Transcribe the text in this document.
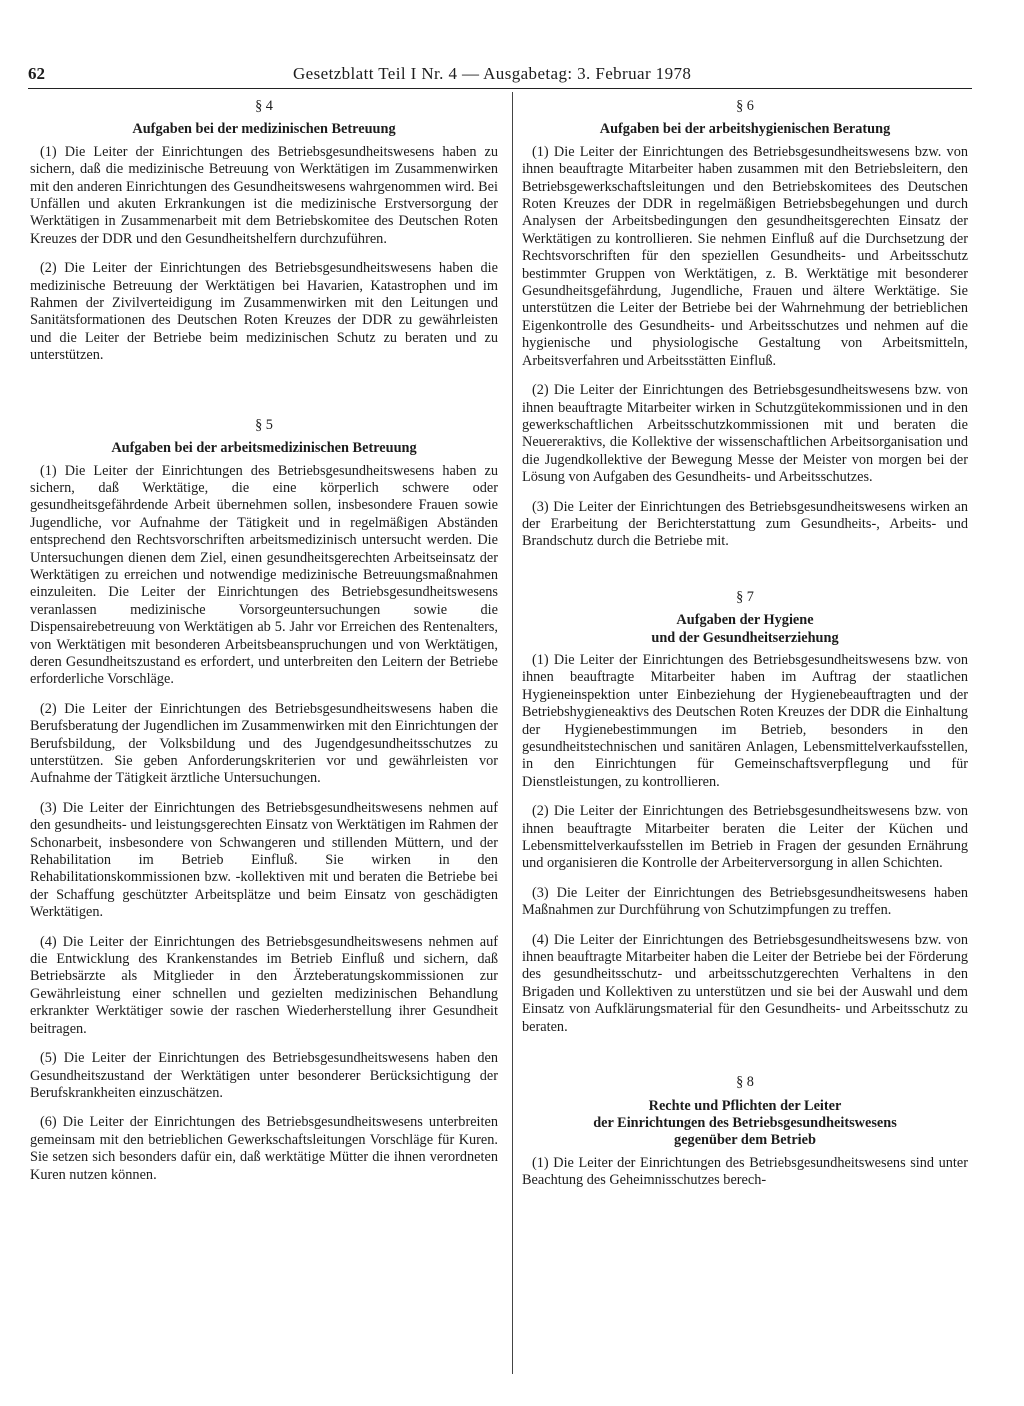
62	Gesetzblatt Teil I Nr. 4 — Ausgabetag: 3. Februar 1978

§ 4

Aufgaben bei der medizinischen Betreuung

(1) Die Leiter der Einrichtungen des Betriebsgesundheitswesens haben zu sichern, daß die medizinische Betreuung von Werktätigen im Zusammenwirken mit den anderen Einrichtungen des Gesundheitswesens wahrgenommen wird. Bei Unfällen und akuten Erkrankungen ist die medizinische Erstversorgung der Werktätigen in Zusammenarbeit mit dem Betriebskomitee des Deutschen Roten Kreuzes der DDR und den Gesundheitshelfern durchzuführen.

(2) Die Leiter der Einrichtungen des Betriebsgesundheitswesens haben die medizinische Betreuung der Werktätigen bei Havarien, Katastrophen und im Rahmen der Zivilverteidigung im Zusammenwirken mit den Leitungen und Sanitätsformationen des Deutschen Roten Kreuzes der DDR zu gewährleisten und die Leiter der Betriebe beim medizinischen Schutz zu beraten und zu unterstützen.

§ 5

Aufgaben bei der arbeitsmedizinischen Betreuung

(1) Die Leiter der Einrichtungen des Betriebsgesundheitswesens haben zu sichern, daß Werktätige, die eine körperlich schwere oder gesundheitsgefährdende Arbeit übernehmen sollen, insbesondere Frauen sowie Jugendliche, vor Aufnahme der Tätigkeit und in regelmäßigen Abständen entsprechend den Rechtsvorschriften arbeitsmedizinisch untersucht werden. Die Untersuchungen dienen dem Ziel, einen gesundheitsgerechten Arbeitseinsatz der Werktätigen zu erreichen und notwendige medizinische Betreuungsmaßnahmen einzuleiten. Die Leiter der Einrichtungen des Betriebsgesundheitswesens veranlassen medizinische Vorsorgeuntersuchungen sowie die Dispensairebetreuung von Werktätigen ab 5. Jahr vor Erreichen des Rentenalters, von Werktätigen mit besonderen Arbeitsbeanspruchungen und von Werktätigen, deren Gesundheitszustand es erfordert, und unterbreiten den Leitern der Betriebe erforderliche Vorschläge.

(2) Die Leiter der Einrichtungen des Betriebsgesundheitswesens haben die Berufsberatung der Jugendlichen im Zusammenwirken mit den Einrichtungen der Berufsbildung, der Volksbildung und des Jugendgesundheitsschutzes zu unterstützen. Sie geben Anforderungskriterien vor und gewährleisten vor Aufnahme der Tätigkeit ärztliche Untersuchungen.

(3) Die Leiter der Einrichtungen des Betriebsgesundheitswesens nehmen auf den gesundheits- und leistungsgerechten Einsatz von Werktätigen im Rahmen der Schonarbeit, insbesondere von Schwangeren und stillenden Müttern, und der Rehabilitation im Betrieb Einfluß. Sie wirken in den Rehabilitationskommissionen bzw. -kollektiven mit und beraten die Betriebe bei der Schaffung geschützter Arbeitsplätze und beim Einsatz von geschädigten Werktätigen.

(4) Die Leiter der Einrichtungen des Betriebsgesundheitswesens nehmen auf die Entwicklung des Krankenstandes im Betrieb Einfluß und sichern, daß Betriebsärzte als Mitglieder in den Ärzteberatungskommissionen zur Gewährleistung einer schnellen und gezielten medizinischen Behandlung erkrankter Werktätiger sowie der raschen Wiederherstellung ihrer Gesundheit beitragen.

(5) Die Leiter der Einrichtungen des Betriebsgesundheitswesens haben den Gesundheitszustand der Werktätigen unter besonderer Berücksichtigung der Berufskrankheiten einzuschätzen.

(6) Die Leiter der Einrichtungen des Betriebsgesundheitswesens unterbreiten gemeinsam mit den betrieblichen Gewerkschaftsleitungen Vorschläge für Kuren. Sie setzen sich besonders dafür ein, daß werktätige Mütter die ihnen verordneten Kuren nutzen können.

§ 6

Aufgaben bei der arbeitshygienischen Beratung

(1) Die Leiter der Einrichtungen des Betriebsgesundheitswesens bzw. von ihnen beauftragte Mitarbeiter haben zusammen mit den Betriebsleitern, den Betriebsgewerkschaftsleitungen und den Betriebskomitees des Deutschen Roten Kreuzes der DDR in regelmäßigen Betriebsbegehungen und durch Analysen der Arbeitsbedingungen den gesundheitsgerechten Einsatz der Werktätigen zu kontrollieren. Sie nehmen Einfluß auf die Durchsetzung der Rechtsvorschriften für den speziellen Gesundheits- und Arbeitsschutz bestimmter Gruppen von Werktätigen, z. B. Werktätige mit besonderer Gesundheitsgefährdung, Jugendliche, Frauen und ältere Werktätige. Sie unterstützen die Leiter der Betriebe bei der Wahrnehmung der betrieblichen Eigenkontrolle des Gesundheits- und Arbeitsschutzes und nehmen auf die hygienische und physiologische Gestaltung von Arbeitsmitteln, Arbeitsverfahren und Arbeitsstätten Einfluß.

(2) Die Leiter der Einrichtungen des Betriebsgesundheitswesens bzw. von ihnen beauftragte Mitarbeiter wirken in Schutzgütekommissionen und in den gewerkschaftlichen Arbeitsschutzkommissionen mit und beraten die Neuereraktivs, die Kollektive der wissenschaftlichen Arbeitsorganisation und die Jugendkollektive der Bewegung Messe der Meister von morgen bei der Lösung von Aufgaben des Gesundheits- und Arbeitsschutzes.

(3) Die Leiter der Einrichtungen des Betriebsgesundheitswesens wirken an der Erarbeitung der Berichterstattung zum Gesundheits-, Arbeits- und Brandschutz durch die Betriebe mit.

§ 7

Aufgaben der Hygiene
und der Gesundheitserziehung

(1) Die Leiter der Einrichtungen des Betriebsgesundheitswesens bzw. von ihnen beauftragte Mitarbeiter haben im Auftrag der staatlichen Hygieneinspektion unter Einbeziehung der Hygienebeauftragten und der Betriebshygieneaktivs des Deutschen Roten Kreuzes der DDR die Einhaltung der Hygienebestimmungen im Betrieb, besonders in den gesundheitstechnischen und sanitären Anlagen, Lebensmittelverkaufsstellen, in den Einrichtungen für Gemeinschaftsverpflegung und für Dienstleistungen, zu kontrollieren.

(2) Die Leiter der Einrichtungen des Betriebsgesundheitswesens bzw. von ihnen beauftragte Mitarbeiter beraten die Leiter der Küchen und Lebensmittelverkaufsstellen im Betrieb in Fragen der gesunden Ernährung und organisieren die Kontrolle der Arbeiterversorgung in allen Schichten.

(3) Die Leiter der Einrichtungen des Betriebsgesundheitswesens haben Maßnahmen zur Durchführung von Schutzimpfungen zu treffen.

(4) Die Leiter der Einrichtungen des Betriebsgesundheitswesens bzw. von ihnen beauftragte Mitarbeiter haben die Leiter der Betriebe bei der Förderung des gesundheitsschutz- und arbeitsschutzgerechten Verhaltens in den Brigaden und Kollektiven zu unterstützen und sie bei der Auswahl und dem Einsatz von Aufklärungsmaterial für den Gesundheits- und Arbeitsschutz zu beraten.

§ 8

Rechte und Pflichten der Leiter
der Einrichtungen des Betriebsgesundheitswesens
gegenüber dem Betrieb

(1) Die Leiter der Einrichtungen des Betriebsgesundheitswesens sind unter Beachtung des Geheimnisschutzes berech-
